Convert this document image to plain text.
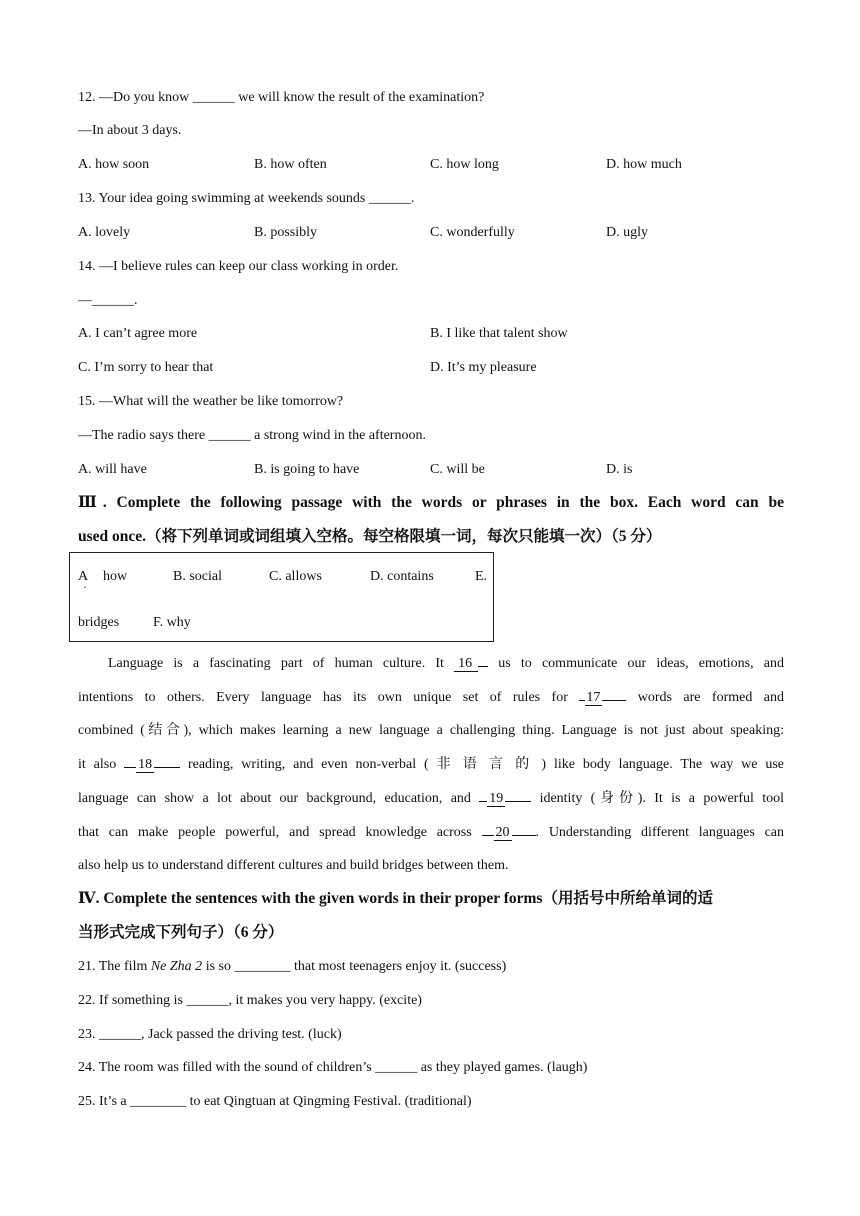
12. —Do you know ______ we will know the result of the examination?
—In about 3 days.
A. how soon	B. how often	C. how long	D. how much
13. Your idea going swimming at weekends sounds ______.
A. lovely	B. possibly	C. wonderfully	D. ugly
14. —I believe rules can keep our class working in order.
—______.
A. I can’t agree more	B. I like that talent show
C. I’m sorry to hear that	D. It’s my pleasure
15. —What will the weather be like tomorrow?
—The radio says there ______ a strong wind in the afternoon.
A. will have	B. is going to have	C. will be	D. is
Ⅲ. Complete the following passage with the words or phrases in the box. Each word can be
used once.（将下列单词或词组填入空格。每空格限填一词，每次只能填一次）（5 分）
A
·
how	B. social	C. allows	D. contains	E.
bridges F. why
Language is a fascinating part of human culture. It 16 us to communicate our ideas, emotions, and
intentions to others. Every language has its own unique set of rules for 17	words are formed and
combined (结合), which makes learning a new language a challenging thing. Language is not just about speaking:
it also 18	reading, writing, and even non-verbal ( 非 语 言 的 ) like body language. The way we use
language can show a lot about our background, education, and 19	identity (身份). It is a powerful tool
that can make people powerful, and spread knowledge across 20 . Understanding different languages can
also help us to understand different cultures and build bridges between them.
Ⅳ. Complete the sentences with the given words in their proper forms（用括号中所给单词的适
当形式完成下列句子）（6 分）
21. The film Ne Zha 2 is so ________ that most teenagers enjoy it. (success)
22. If something is ______, it makes you very happy. (excite)
23. ______, Jack passed the driving test. (luck)
24. The room was filled with the sound of children’s ______ as they played games. (laugh)
25. It’s a ________ to eat Qingtuan at Qingming Festival. (traditional)
